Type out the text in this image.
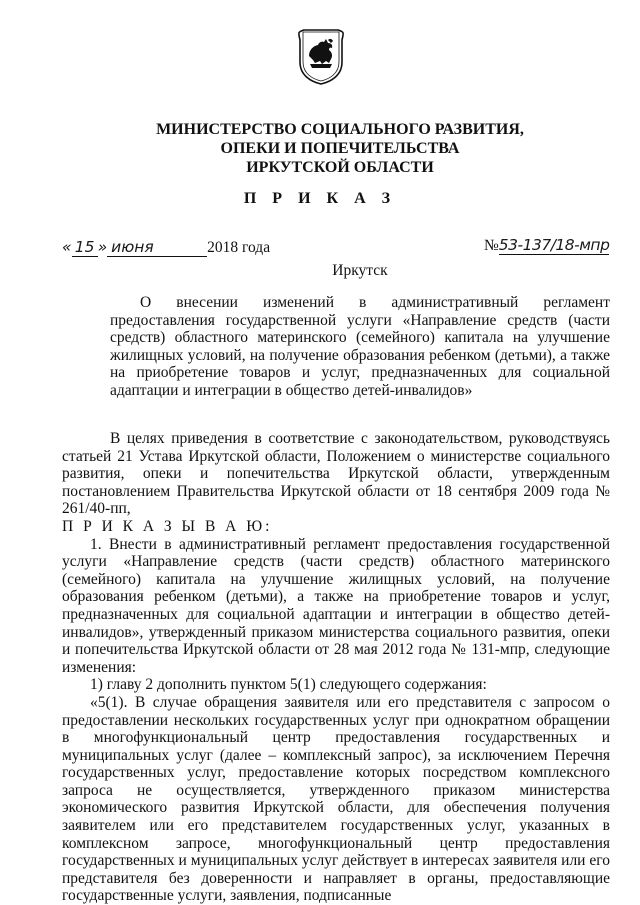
МИНИСТЕРСТВО СОЦИАЛЬНОГО РАЗВИТИЯ,
ОПЕКИ И ПОПЕЧИТЕЛЬСТВА
ИРКУТСКОЙ ОБЛАСТИ
П Р И К А З
« 15 » июня	2018 года	№53-137/18-мпр
Иркутск

О внесении изменений в административный регламент предоставления государственной услуги «Направление средств (части средств) областного материнского (семейного) капитала на улучшение жилищных условий, на получение образования ребенком (детьми), а также на приобретение товаров и услуг, предназначенных для социальной адаптации и интеграции в общество детей-инвалидов»

В целях приведения в соответствие с законодательством, руководствуясь статьей 21 Устава Иркутской области, Положением о министерстве социального развития, опеки и попечительства Иркутской области, утвержденным постановлением Правительства Иркутской области от 18 сентября 2009 года № 261/40-пп,

П Р И К А З Ы В А Ю:

1. Внести в административный регламент предоставления государственной услуги «Направление средств (части средств) областного материнского (семейного) капитала на улучшение жилищных условий, на получение образования ребенком (детьми), а также на приобретение товаров и услуг, предназначенных для социальной адаптации и интеграции в общество детей-инвалидов», утвержденный приказом министерства социального развития, опеки и попечительства Иркутской области от 28 мая 2012 года № 131-мпр, следующие изменения:

1) главу 2 дополнить пунктом 5(1) следующего содержания:

«5(1). В случае обращения заявителя или его представителя с запросом о предоставлении нескольких государственных услуг при однократном обращении в многофункциональный центр предоставления государственных и муниципальных услуг (далее – комплексный запрос), за исключением Перечня государственных услуг, предоставление которых посредством комплексного запроса не осуществляется, утвержденного приказом министерства экономического развития Иркутской области, для обеспечения получения заявителем или его представителем государственных услуг, указанных в комплексном запросе, многофункциональный центр предоставления государственных и муниципальных услуг действует в интересах заявителя или его представителя без доверенности и направляет в органы, предоставляющие государственные услуги, заявления, подписанные
